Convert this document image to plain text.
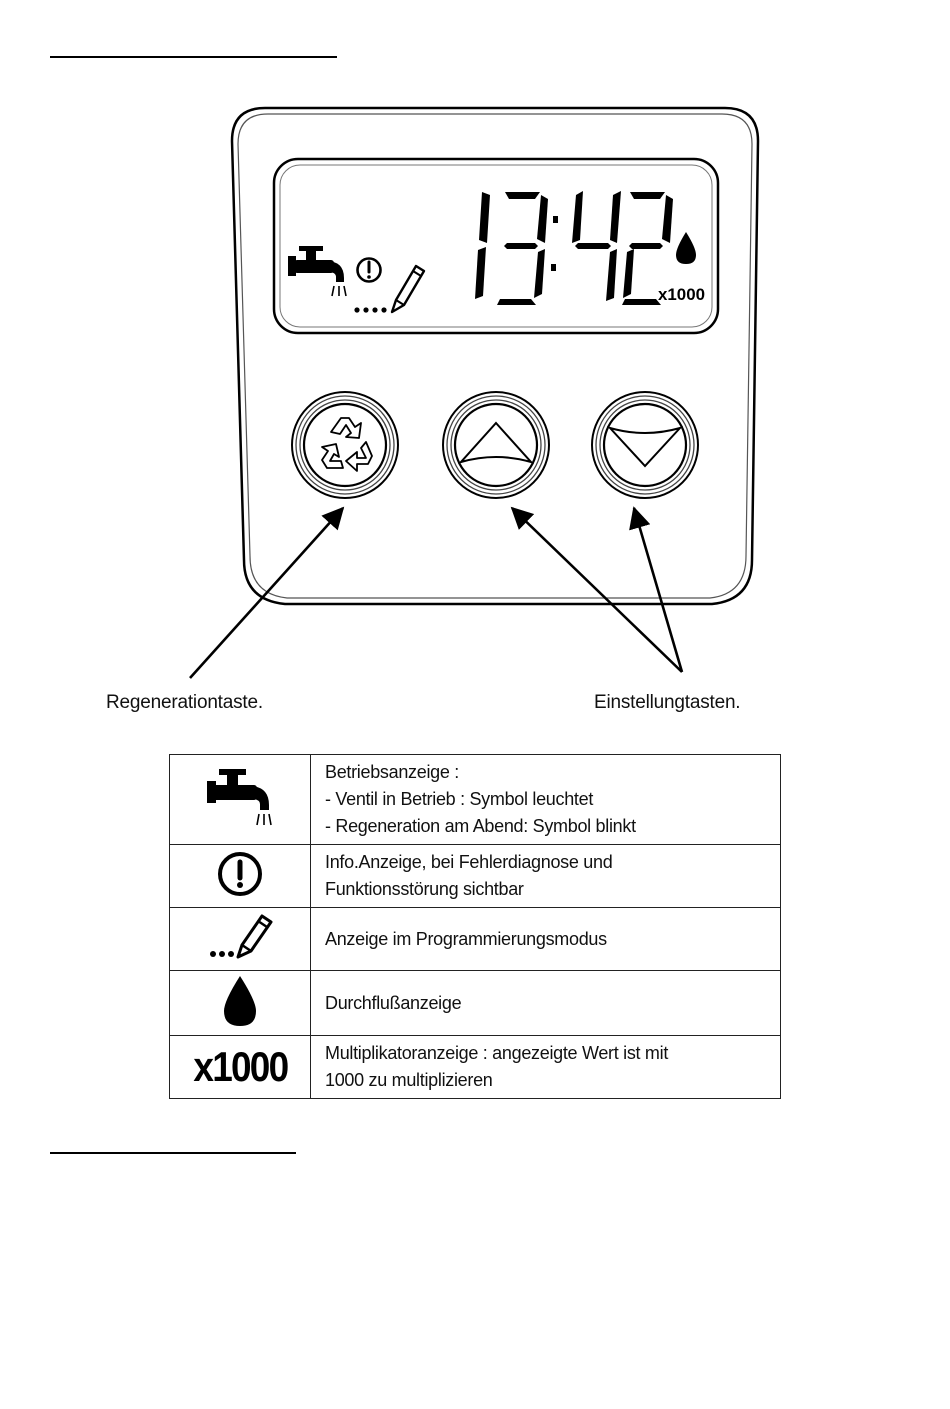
x1000
Regenerationtaste.	Einstellungtasten.

Betriebsanzeige :
- Ventil in Betrieb : Symbol leuchtet
- Regeneration am Abend: Symbol blinkt

Info.Anzeige, bei Fehlerdiagnose und
Funktionsstörung sichtbar

Anzeige im Programmierungsmodus

Durchflußanzeige

x1000	Multiplikatoranzeige : angezeigte Wert ist mit
1000 zu multiplizieren
